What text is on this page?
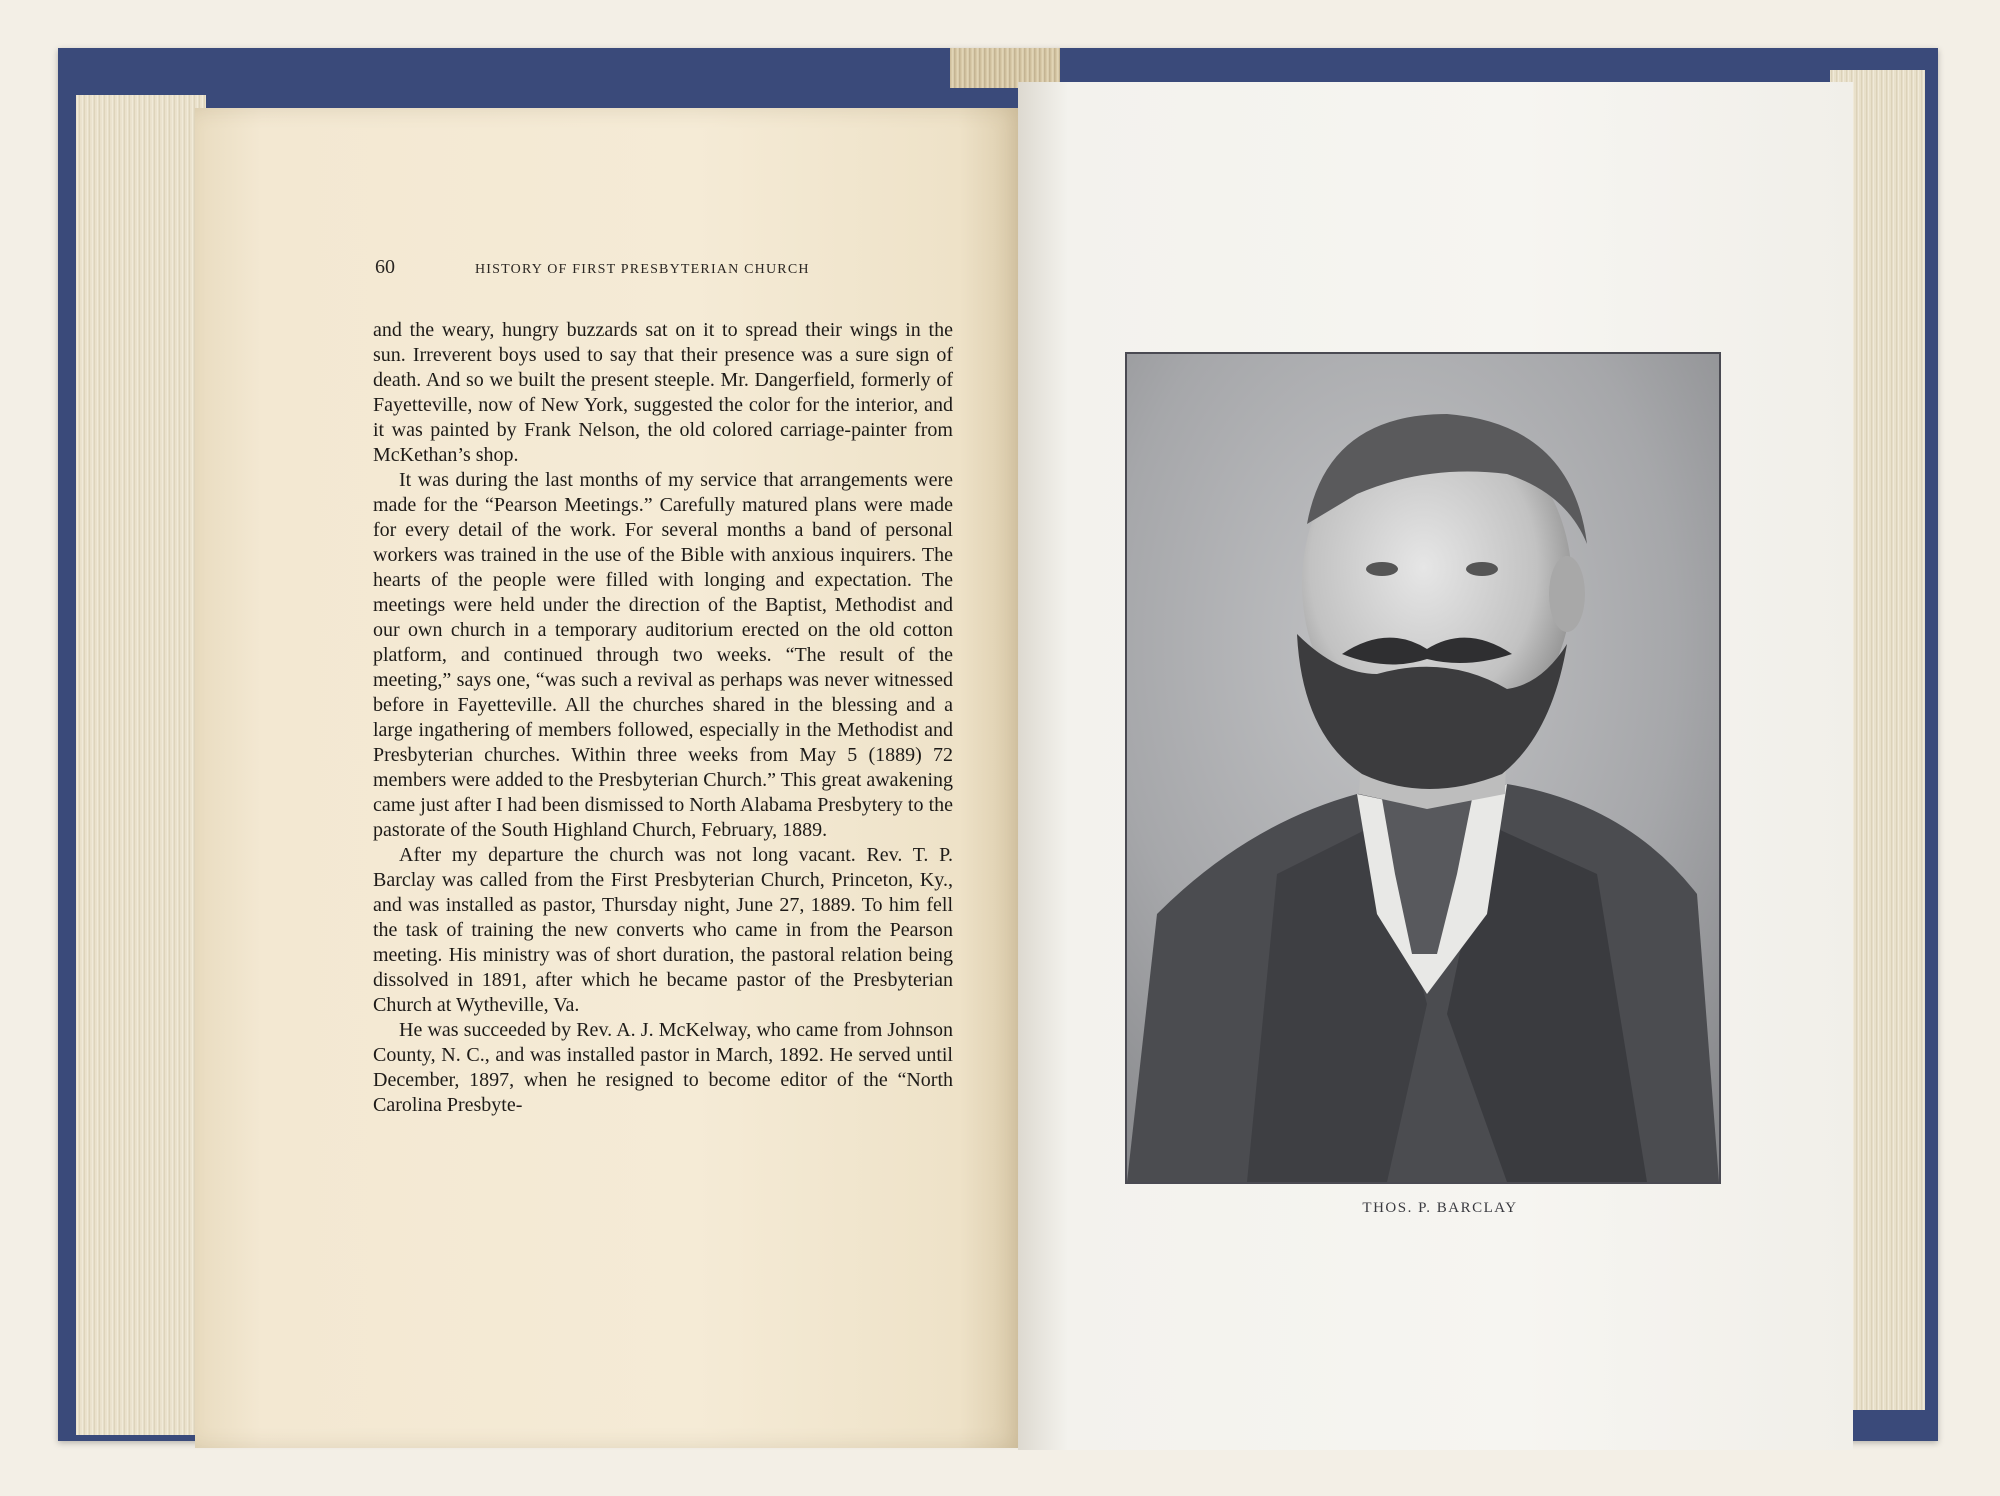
60	HISTORY OF FIRST PRESBYTERIAN CHURCH

and the weary, hungry buzzards sat on it to spread their wings in the sun. Irreverent boys used to say that their presence was a sure sign of death. And so we built the present steeple. Mr. Dangerfield, formerly of Fayetteville, now of New York, suggested the color for the interior, and it was painted by Frank Nelson, the old colored carriage-painter from McKethan’s shop.

It was during the last months of my service that arrangements were made for the “Pearson Meetings.” Carefully matured plans were made for every detail of the work. For several months a band of personal workers was trained in the use of the Bible with anxious inquirers. The hearts of the people were filled with longing and expectation. The meetings were held under the direction of the Baptist, Methodist and our own church in a temporary auditorium erected on the old cotton platform, and continued through two weeks. “The result of the meeting,” says one, “was such a revival as perhaps was never witnessed before in Fayetteville. All the churches shared in the blessing and a large ingathering of members followed, especially in the Methodist and Presbyterian churches. Within three weeks from May 5 (1889) 72 members were added to the Presbyterian Church.” This great awakening came just after I had been dismissed to North Alabama Presbytery to the pastorate of the South Highland Church, February, 1889.

After my departure the church was not long vacant. Rev. T. P. Barclay was called from the First Presbyterian Church, Princeton, Ky., and was installed as pastor, Thursday night, June 27, 1889. To him fell the task of training the new converts who came in from the Pearson meeting. His ministry was of short duration, the pastoral relation being dissolved in 1891, after which he became pastor of the Presbyterian Church at Wytheville, Va.

He was succeeded by Rev. A. J. McKelway, who came from Johnson County, N. C., and was installed pastor in March, 1892. He served until December, 1897, when he resigned to become editor of the “North Carolina Presbyte-

THOS. P. BARCLAY
